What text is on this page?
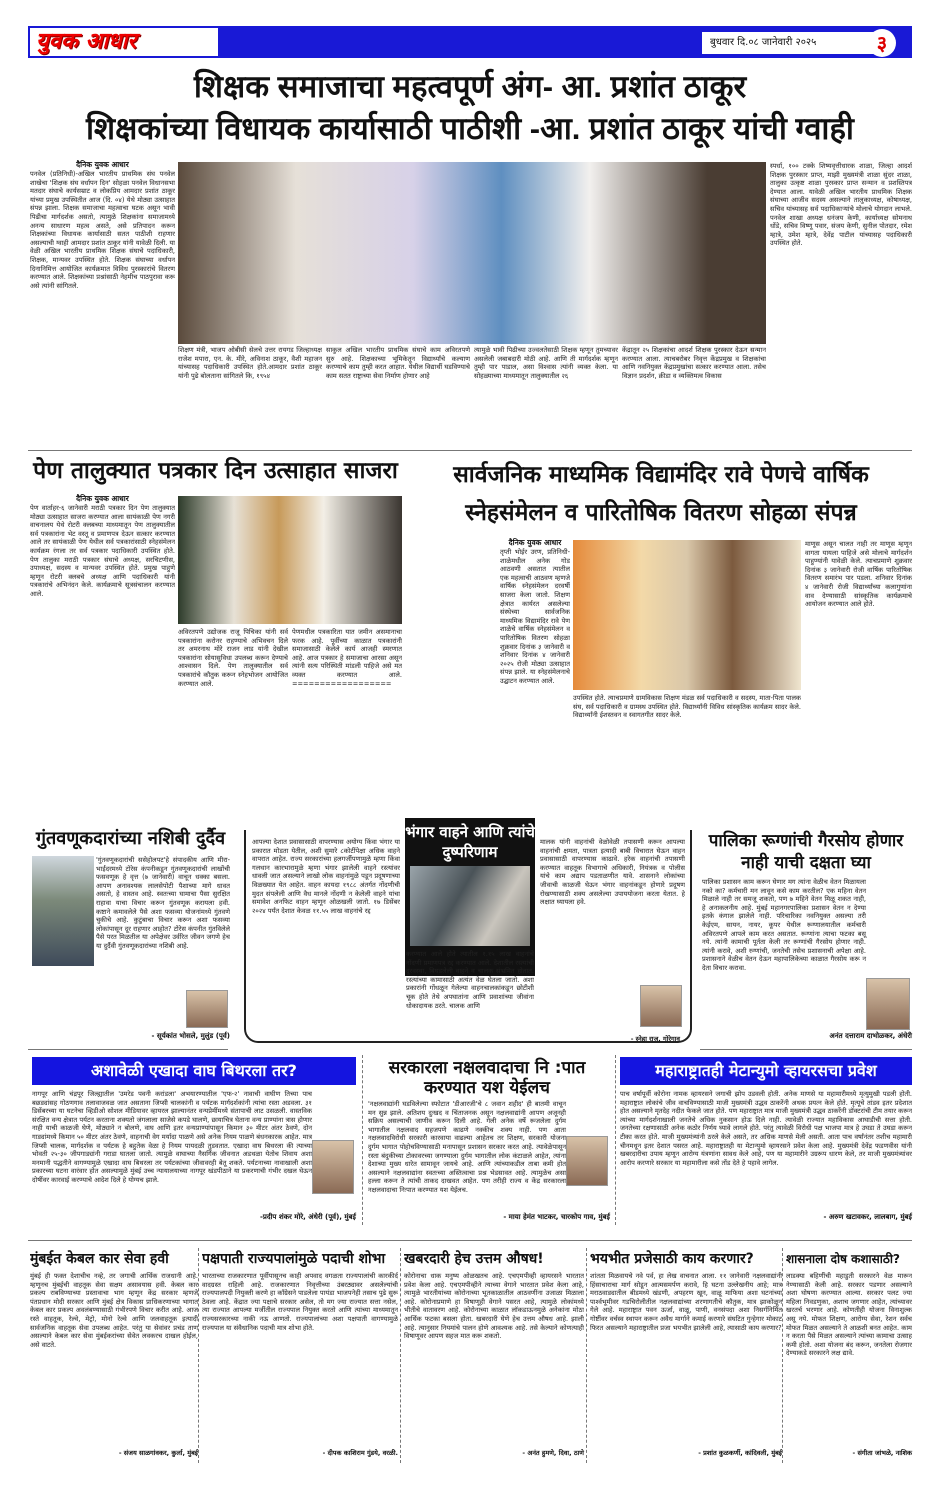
युवक आधार	बुधवार दि.०८ जानेवारी २०२५	३
शिक्षक समाजाचा महत्वपूर्ण अंग- आ. प्रशांत ठाकूर
शिक्षकांच्या विधायक कार्यासाठी पाठीशी -आ. प्रशांत ठाकूर यांची ग्वाही
दैनिक युवक आधार
पनवेल (प्रतिनिधी)-अखिल भारतीय प्राथमिक संघ पनवेल शाखेचा 'शिक्षक संघ वर्धापन दिन' सोहळा पनवेल विधानसभा मतदार संघाचे कार्यसम्राट व लोकप्रिय आमदार प्रशांत ठाकूर यांच्या प्रमुख उपस्थितीत आज (दि. ०४) येथे मोठ्या उत्साहात संपन्न झाला. शिक्षक समाजाचा महत्वाचा घटक असून भावी पिढीचा मार्गदर्शक असतो, त्यामुळे शिक्षकांना समाजामध्ये अनन्य साधारण महत्व असते, असे प्रतिपादन करून शिक्षकांच्या विधायक कार्यासाठी सतत पाठीशी राहणार असल्याची ग्वाही आमदार प्रशांत ठाकूर यांनी यावेळी दिली. या वेळी अखिल भारतीय प्राथमिक शिक्षक संघाचे पदाधिकारी, शिक्षक, मान्यवर उपस्थित होते. शिक्षक संघाच्या वर्धापन दिनानिमित्त आयोजित कार्यक्रमात विविध पुरस्कारांचे वितरण करण्यात आले. शिक्षकांच्या प्रश्नांसाठी नेहमीच पाठपुरावा करू असे त्यांनी सांगितले.
शिक्षण मंत्री, भाजप ओबीसी सेलचे उत्तर रायगड जिल्हाध्यक्ष राजेश मपारा, एन. के. मीरे, अविनाश ठाकूर, वैशी महाजन यांच्यासह पदाधिकारी उपस्थित होते.आमदार प्रशांत ठाकूर यांनी पुढे बोलताना सांगितले कि, १९५४
साकुल अखिल भारतीय प्राथमिक संघाचे काम अविरतपणे सुरु आहे. शिक्षकाच्या भूमिकेतून विद्यार्थ्यांचे कल्याण करण्याचे काम तुम्ही करत आहात. येथील विद्यार्थी घडविण्याचे काम सतत राष्ट्राच्या सेवा निर्माण होणार आहे
त्यामुळे भावी पिढीच्या उज्वलतेसाठी शिक्षक म्हणून तुमच्यावर असलेली जबाबदारी मोठी आहे. आणि ती मार्गदर्शक म्हणून तुम्ही पार पाडाल, असा विश्वास त्यांनी व्यक्त केला. या सोहळ्याच्या माध्यमातून तालुक्यातील २६
केंद्रातून २५ शिक्षकांचा आदर्श शिक्षक पुरस्कार देऊन सन्मान करण्यात आला. त्याचबरोबर निवृत्त केंद्रप्रमुख व शिक्षकांचा आणि नवनियुक्त केंद्रप्रमुखांचा सत्कार करण्यात आला. तसेच विज्ञान प्रदर्शन, क्रीडा व व्यक्तिमत्व विकास
स्पर्धा, १०० टक्के शिष्यवृत्तीधारक शाळा, जिल्हा आदर्श शिक्षक पुरस्कार प्राप्त, माझी मुख्यमंत्री शाळा सुंदर शाळा, तालुका उत्कृष्ट शाळा पुरस्कार प्राप्त सन्मान व प्रशस्तिपत्र देण्यात आला. यावेळी अखिल भारतीय प्राथमिक शिक्षक संघाच्या आजीव सदस्य असल्याने तालुकाध्यक्ष, कोषाध्यक्ष, सचिव यांच्यासह सर्व पदाधिकाऱ्यांचे मोलाचे योगदान लाभले. पनवेल शाखा अध्यक्ष धनंजय केणी, कार्याध्यक्ष सोमनाथ धोंडे, सचिव विष्णू पवार, संजय केणी, सुनील पोतदार, रमेश म्हात्रे, उमेश म्हात्रे, देवेंद्र पाटील यांच्यासह पदाधिकारी उपस्थित होते.
पेण तालुक्यात पत्रकार दिन उत्साहात साजरा
दैनिक युवक आधार
पेण वार्ताहर-६ जानेवारी मराठी पत्रकार दिन पेण तालुक्यात मोठ्या उत्साहात साजरा करण्यात आला सायंकाळी पेण नगरी वाचनालय येथे रोटरी क्लबच्या माध्यमातून पेण तालुक्यातील सर्व पत्रकारांना भेट वस्तू व प्रमाणपत्र देऊन सत्कार करण्यात आले तर सायंकाळी पेण येथील सर्व पत्रकारांसाठी स्नेहसंमेलन कार्यक्रम रंगला तर सर्व पत्रकार पदाधिकारी उपस्थित होते. पेण तालुका मराठी पत्रकार संघाचे अध्यक्ष, सरचिटणीस, उपाध्यक्ष, सदस्य व मान्यवर उपस्थित होते. प्रमुख पाहुणे म्हणून रोटरी क्लबचे अध्यक्ष आणि पदाधिकारी यांनी पत्रकारांचे अभिनंदन केले. कार्यक्रमाचे सूत्रसंचालन करण्यात आले.
अविरतपणे उद्योजक राजू पिचिका यांनी सर्व पत्रकारांना करोनर राहण्याचे अभिवचन दिले तर अमरनाथ मोरे राजन लाड यांनी देखील पत्रकारांना सोयासुविधा उपलब्ध करून देण्याचे आश्वासन दिले. पेण तालुक्यातील सर्व पत्रकारांचे कौतुक करून स्नेहभोजन आयोजित करण्यात आले.
पेणमधील पत्रकारिता यात जमीन असमानाचा फरक आहे. पूर्वीच्या काळात पत्रकारांनी समाजासाठी केलेले कार्य आजही स्मरणात आहे. आज पत्रकार हे समाजाचा आरसा असून त्यांनी सत्य परिस्थिती मांडली पाहिजे असे मत व्यक्त करण्यात आले. ==================
सार्वजनिक माध्यमिक विद्यामंदिर रावे पेणचे वार्षिक स्नेहसंमेलन व पारितोषिक वितरण सोहळा संपन्न
दैनिक युवक आधार
तृप्ती भोईर उरण, प्रतिनिधी- शाळेमधील अनेक गोड आठवणी असतात त्यातील एक महत्वाची आठवण म्हणजे वार्षिक स्नेहसंमेलन दरवर्षी साजरा केला जातो. शिक्षण क्षेत्रात कार्यरत असलेल्या संस्थेच्या सार्वजनिक माध्यमिक विद्यामंदिर रावे पेण शाळेचे वार्षिक स्नेहसंमेलन व पारितोषिक वितरण सोहळा शुक्रवार दिनांक ३ जानेवारी व शनिवार दिनांक ४ जानेवारी २०२५ रोजी मोठ्या उत्साहात संपन्न झाले. या स्नेहसंमेलनाचे उद्घाटन करण्यात आले.
उपस्थित होते. त्याचप्रमाणे ग्रामविकास शिक्षण मंडळ सर्व पदाधिकारी व सदस्य, माता-पिता पालक संघ, सर्व पदाधिकारी व ग्रामस्थ उपस्थित होते. विद्यार्थ्यांनी विविध सांस्कृतिक कार्यक्रम सादर केले. विद्यार्थ्यांनी ईशस्तवन व स्वागतगीत सादर केले.
माणूस असून चालत नाही तर माणूस म्हणून वागता यायला पाहिजे असे मोलाचे मार्गदर्शन पाहुण्यांनी यावेळी केले. त्याचप्रमाणे शुक्रवार दिनांक ३ जानेवारी रोजी वार्षिक पारितोषिक वितरण समारंभ पार पडला. शनिवार दिनांक ४ जानेवारी रोजी विद्यार्थ्यांच्या कलागुणांना वाव देण्यासाठी सांस्कृतिक कार्यक्रमाचे आयोजन करण्यात आले होते.
गुंतवणूकदारांच्या नशिबी दुर्दैव
'गुंतवणूकदारांची ससेहोलपट'हे संपादकीय आणि मीरा-भाईंदरमध्ये टोरेस कंपनीकडून गुंतवणूकदारांची लाखोंची फसवणूक हे वृत्त (७ जानेवारी) वाचून धक्का बसला. आपण अनावश्यक लालसेपोटी पैशाच्या मागे धावत असतो, हे वास्तव आहे. स्वतःच्या घामाचा पैसा सुरक्षित राहावा याचा विचार करून गुंतवणूक करायला हवी. कष्टाने कमावलेले पैसे अशा फसव्या योजनांमध्ये गुंतवणे चुकीचे आहे. कुटुंबाचा विचार करून अशा फसव्या लोकांपासून दूर राहणार आहोत? टोरेस कंपनीत गुंतविलेले पैसे परत मिळतील या अपेक्षेवर उर्वरित जीवन जगणे हेच या दुर्दैवी गुंतवणूकदारांच्या नशिबी आहे.
- सूर्यकांत भोसले, मुलुंड (पूर्व)
भंगार वाहने आणि त्यांचे दुष्परिणाम
आपल्या देशात प्रवासासाठी वापरण्यास अयोग्य किंवा भंगार या प्रकारात मोडता येतील, अशी सुमारे ८कोटींपेक्षा अधिक वाहने वापरात आहेत. राज्य सरकारांच्या हलगर्जीपणामुळे म्हणा किंवा गलथान कारभारामुळे म्हणा भंगार झालेली वाहने रस्त्यांवर धावली जात असल्याने लाखो लोक वाहनांमुळे पडून प्रदूषणाच्या विळख्यात येत आहेत. वाहन कायदा १९८८ अंतर्गत नोंदणीची मुदत संपलेली आणि वैध मानले नोंदणी न केलेली वाहने यांचा समावेश अनफिट वाहन म्हणून ओळखली जातो. १७ डिसेंबर २०२४ पर्यंत देशात केवळ ११.५५ लाख वाहनांचे रद्द
करण्यात आले होते त्यातील १.१५ लाख वाहनांचे नोंदणी प्रमाणपत्र रद्द करण्यात आले. देशातील रस्त्यांची दुरवस्था, बिघडलेली वाहने व चालक संभ्रमित होतात. रस्त्यांच्या कामासाठी अत्यंत वेळ घेतला जातो. अशा प्रकारांनी गोंधळून गेलेल्या वाहनचालकांकडून छोटीशी चूक होते तेथे अपघातांना आणि प्रवाशांच्या जीवांना धोकादायक ठरते. चालक आणि
मालक यांनी वाहनांची वेळोवेळी तपासणी करून आपल्या वाहनांची क्षमता, पात्रता इत्यादी बाबी विचारात घेऊन वाहन प्रवासासाठी वापरण्यास काढावे. हरेक वाहनांची तपासणी करण्यात वाहतूक विभागाचे अधिकारी, नियंत्रक व पोलीस यांचे काम अद्याप पडताळणीत यावे. शासनाने लोकांच्या जीवाची काळजी घेऊन भंगार वाहनांकडून होणारे प्रदूषण रोखण्यासाठी शक्य असलेल्या उपाययोजना करता येतात. हे लक्षात घ्यायला हवे.
- स्नेहा राज, गोरेगाव
पालिका रूग्णांची गैरसोय होणार नाही याची दक्षता घ्या
पालिका प्रशासन काम करून घेणार मग त्यांना वेळीच वेतन मिळायला नको का? कर्मचारी मन लावून कसे काम करतील? एक महिना वेतन मिळाले नाही तर समजू शकतो, पण ७ महिने वेतन मिळू शकत नाही, हे अनाकलनीय आहे. मुंबई महानगरपालिका प्रशासन वेतन न देण्या इतके कंगाल झालेले नाही. परिचारिका नवनियुक्त असल्या तरी केईएम, सायन, नायर, कूपर येथील रूग्णालयातील कर्मचारी अविरतपणे आपले काम करत असतात. रूग्णांना त्याचा फटका बसू नये. त्यांनी कामाची पूर्तता केली तर रूग्णांची गैरसोय होणार नाही. त्यांनी करावे, अशी रुग्णांची, जनतेची तसेच प्रशासनाची अपेक्षा आहे. प्रशासनाने वेळीच वेतन देऊन महापालिकेच्या काळात गैरसोय करू न देता विचार करावा.
अनंत दत्ताराम दाभोळकर, अंधेरी
अशावेळी एखादा वाघ बिथरला तर?
नागपूर आणि चंद्रपूर जिल्ह्यातील 'उमरेड पवनी करांडला' अभयारण्यातील 'एफ-२' नावाची वाघीण तिच्या पाच बछड्यांसह गोठणगाव तलावाजवळ जात असताना जिप्सी चालकांनी व पर्यटक मार्गदर्शकांनी त्यांचा रस्ता अडवला. ३१ डिसेंबरच्या या घटनेचा व्हिडीओ सोशल मीडियावर व्हायरल झाल्यानंतर वन्यप्रेमींमध्ये संतापाची लाट उसळली. वास्तविक संरक्षित वन्य क्षेत्रात पर्यटन करताना शक्यतो जंगलाला साजेसे कपडे घालणे, छायाचित्र घेताना वन्य प्राण्यांना त्रास होणार नाही याची काळजी घेणे, मोठ्याने न बोलणे, वाघ आणि इतर वन्यप्राण्यांपासून किमान ३० मीटर अंतर ठेवणे, दोन गाड्यांमध्ये किमान ५० मीटर अंतर ठेवणे, वाहनाची वेग मर्यादा पाळणे असे अनेक नियम पाळणे बंधनकारक आहेत. मात्र जिप्सी चालक, मार्गदर्शक व पर्यटक हे बहुतेक वेळा हे नियम पायदळी तुडवतात. एखादा वाघ बिथरला की त्याच्या भोवती २५-३० जीपगाड्यांनी गराडा घातला जातो. त्यामुळे वाघाच्या नैसर्गिक जीवनात अडथळा येतोच शिवाय अशा मनमानी पद्धतीने वागण्यामुळे एखादा वाघ बिथरला तर पर्यटकांच्या जीवावरही बेतू शकते. पर्यटनाच्या नावाखाली अशा प्रकारच्या घटना वारंवार होत असल्यामुळे मुंबई उच्च न्यायालयाच्या नागपूर खंडपीठाने या प्रकरणाची गंभीर दखल घेऊन दोषींवर कारवाई करण्याचे आदेश दिले हे योग्यच झाले.
-प्रदीप शंकर मोरे, अंधेरी (पूर्व), मुंबई
सरकारला नक्षलवादाचा नि :पात करण्यात यश येईलच
'नक्षलवाद्यांनी घडविलेल्या स्फोटात 'डीआरजी'चे ८ जवान शहीद' ही बातमी वाचून मन सुन्न झाले. अतिशय दुःखद व चिंताजनक असून नक्षलवाद्यांनी आपण अजूनही सक्रिय असल्याची जाणीव करून दिली आहे. गेली अनेक वर्षे रूजलेला दुर्गम भागातील नक्षलवाद सहजपणे काढणे नक्कीच शक्य नाही. पण आता नक्षलवादविरोधी सरकारी कारवाया वाढल्या आहेतच तर शिक्षण, सरकारी योजना दुर्गम भागात पोहोचविण्यासाठी मनापासून प्रशासन सरकार करत आहे. त्यावेळेपासून रस्ता बंदुकीच्या टोकावरच्या जगण्याला दुर्गम भागातील लोक कंटाळले आहेत, त्यांना देशाच्या मुख्य धारेत सामावून जायचे आहे. आणि त्यांच्याकडील ताबा कमी होत असल्याने नक्षलवाद्यांना स्वतःच्या अस्तित्वाचा प्रश्न भेडसावत आहे. त्यामुळेच असा हल्ला करून ते त्यांची ताकद दाखवत आहेत. पण तरीही राज्य व केंद्र सरकारला नक्षलवादाचा निःपात करण्यात यश येईलच.
- माया हेमंत भाटकर, चारकोप गाव, मुंबई
महाराष्ट्रातही मेटान्युमो व्हायरसचा प्रवेश
पाच वर्षापूर्वी कोरोना नामक व्हायरसने जगाची झोप उडवली होती. अनेक माणसे या महामारीमध्ये मृत्युमुखी पडली होती. महाराष्ट्रात लोकांचे जीव वाचविण्यासाठी माजी मुख्यमंत्री उद्धव ठाकरेंनी अथक प्रयत्न केले होते. मृत्यूचे तांडव इतर प्रदेशात होत असल्याने मृतदेह नदीत फेकले जात होते. पण महाराष्ट्रात मात्र माजी मुख्यमंत्री उद्धव ठाकरेंनी डॉक्टरांची टीम तयार करून त्यांच्या मार्गदर्शनाखाली जनतेचे अधिक नुकसान होऊ दिले नाही. त्यावेळी राज्यात महाविकास आघाडीची सत्ता होती. जनतेच्या रक्षणासाठी अनेक कठोर निर्णय घ्यावे लागले होते. परंतु त्यावेळी विरोधी पक्ष भाजपा मात्र हे उघडा ते उघडा करून टीका करत होते. माजी मुख्यमंत्र्यांनी ठरले केले असते, तर अधिक माणसे मेली असती. आता पाच वर्षांनंतर तशीच महामारी चीनमधून इतर देशात पसरत आहे. महाराष्ट्रातही या मेटान्युमो व्हायरसने प्रवेश केला आहे. मुख्यमंत्री देवेंद्र फडणवीस यांनी खबरदारीचा उपाय म्हणून आरोग्य यंत्रणांना सावध केले आहे, पण या महामारीने उग्ररूप धारण केले, तर माजी मुख्यमंत्र्यांवर आरोप करणारे सरकार या महामारीला कसे तोंड देते हे पहावे लागेल.
- अरुण खटावकर, लालबाग, मुंबई
मुंबईत केबल कार सेवा हवी
मुंबई ही फक्त देशाचीच नव्हे, तर जगाची आर्थिक राजधानी आहे. म्हणूनच मुंबईची वाहतूक सेवा सक्षम असावयास हवी. केबल कार प्रकल्प राबविण्याच्या प्रस्तावाचा भाग म्हणून केंद्र सरकार म्हणजे पंतप्रधान मोदी सरकार आणि मुंबई क्षेत्र विकास प्राधिकरणाच्या भागात केबल कार प्रकल्प अवलंबण्यासाठी गंभीरपणे विचार करीत आहे. आज रस्ते वाहतूक, रेल्वे, मेट्रो, मोनो रेल्वे आणि जलवाहतूक इत्यादी सार्वजनिक वाहतूक सेवा उपलब्ध आहेत. परंतु या सेवांवर प्रचंड ताण असल्याने केबल कार सेवा मुंबईकरांच्या सेवेत लवकरच दाखल होईल, असे वाटते.
- संजय साळगांवकर, कुर्ला, मुंबई
पक्षपाती राज्यपालांमुळे पदाची शोभा
भारताच्या राजकारणात पूर्वीपासूनच काही अपवाद वगळता राज्यपालांची कारकीर्द वादग्रस्त राहिली आहे. राजकारणात निवृत्तीच्या उंबरठ्यावर असलेल्यांची राज्यपालपदी नियुक्ती करणे हा काँग्रेसने पाडलेला पायंडा भाजपनेही तसाच पुढे सुरू ठेवला आहे. केंद्रात ज्या पक्षाचे सरकार असेल, तो मग ज्या राज्यात सत्ता नसेल, त्या राज्यात आपल्या मर्जीतील राज्यपाल नियुक्त करतो आणि त्यांच्या माध्यमातून राज्यसरकारच्या नाकी नऊ आणतो. राज्यपालांच्या अशा पक्षपाती वागण्यामुळे राज्यपाल या संवैधानिक पदाची मात्र शोभा होते.
- दीपक काशिराम गुंडये, वरळी.
खबरदारी हेच उत्तम औषध!
कोरोनाचा धाक मनुष्य ओळखतच आहे. एचएमपीव्ही व्हायरसने भारतात प्रवेश केला आहे. एचएमपीव्हीने त्याच्या वेगाने भारतात प्रवेश केला आहे, त्यामुळे भारतीयांच्या कोरोनाच्या भूतकाळातील आठवणींना उजाळा मिळाला आहे. कोरोनाप्रमाणे हा विषाणूही वेगाने पसरत आहे, त्यामुळे लोकांमध्ये भीतीचे वातावरण आहे. कोरोनाच्या काळात लॉकडाऊनमुळे अनेकांना मोठा आर्थिक फटका बसला होता. खबरदारी घेणे हेच उत्तम औषध आहे. झाली आहे. त्यानुसार नियमांचे पालन होणे आवश्यक आहे. तसे केल्याने कोणत्याही विषाणूवर आपण सहज मात करू शकतो.
- अनंत हुमणे, दिवा, ठाणे
भयभीत प्रजेसाठी काय करणार?
शांतता मिळवायचे नवे पर्व, हा लेख वाचनात आला. ११ जानेवारी नक्षलवाद्यांनी हिंसाचाराचा मार्ग सोडून आत्मसमर्पण करावे, हि घटना उल्लेखनीय आहे; मात्र मराठवाड्यातील बीडमध्ये खंडणी, अपहरण खून, वाळू माफिया अशा घटनांच्या पार्श्वभूमीवर गडचिरोलीतील नक्षलवाद्यांच्या शरणागतीचे कौतुक, मात्र झाकोळून गेले आहे. महाराष्ट्रात पवन ऊर्जा, वाळू, पाणी, वनसंपदा अशा निसर्गनिर्मित गोष्टींवर वर्चस्व स्थापन करून अवैध मार्गाने कमाई करणारे संघटित गुन्हेगार मोकाट फिरत असल्याने महाराष्ट्रातील प्रजा भयभीत झालेली आहे, त्यासाठी काय करणार?
- प्रशांत कुळकर्णी, कांदिवली, मुंबई
शासनाला दोष कशासाठी?
लाडक्या बहिणींची महाडुती सरकारने वेळ मारून नेण्यासाठी केली आहे. सरकार पडणार असल्याने अशा घोषणा करण्यात आल्या. सरकार पलट ज्या महिला निवडणुका, अशाच जगणार आहेत, त्यांच्यावर खरतर्च भरणार आहे. कोणतीही योजना विनाशुल्क असू नये. मोफत शिक्षण, आरोग्य सेवा, रेशन सर्वच मोफत मिळत असल्याने ते आळशी बनत आहेत. काम न करता पैसे मिळत असल्याने त्यांच्या कामाचा उत्साह कमी होतो. अशा योजना बंद करून, जनतेला रोजगार देण्याकडे सरकारने लक्ष द्यावे.
- संगीता जांभळे, नाशिक
